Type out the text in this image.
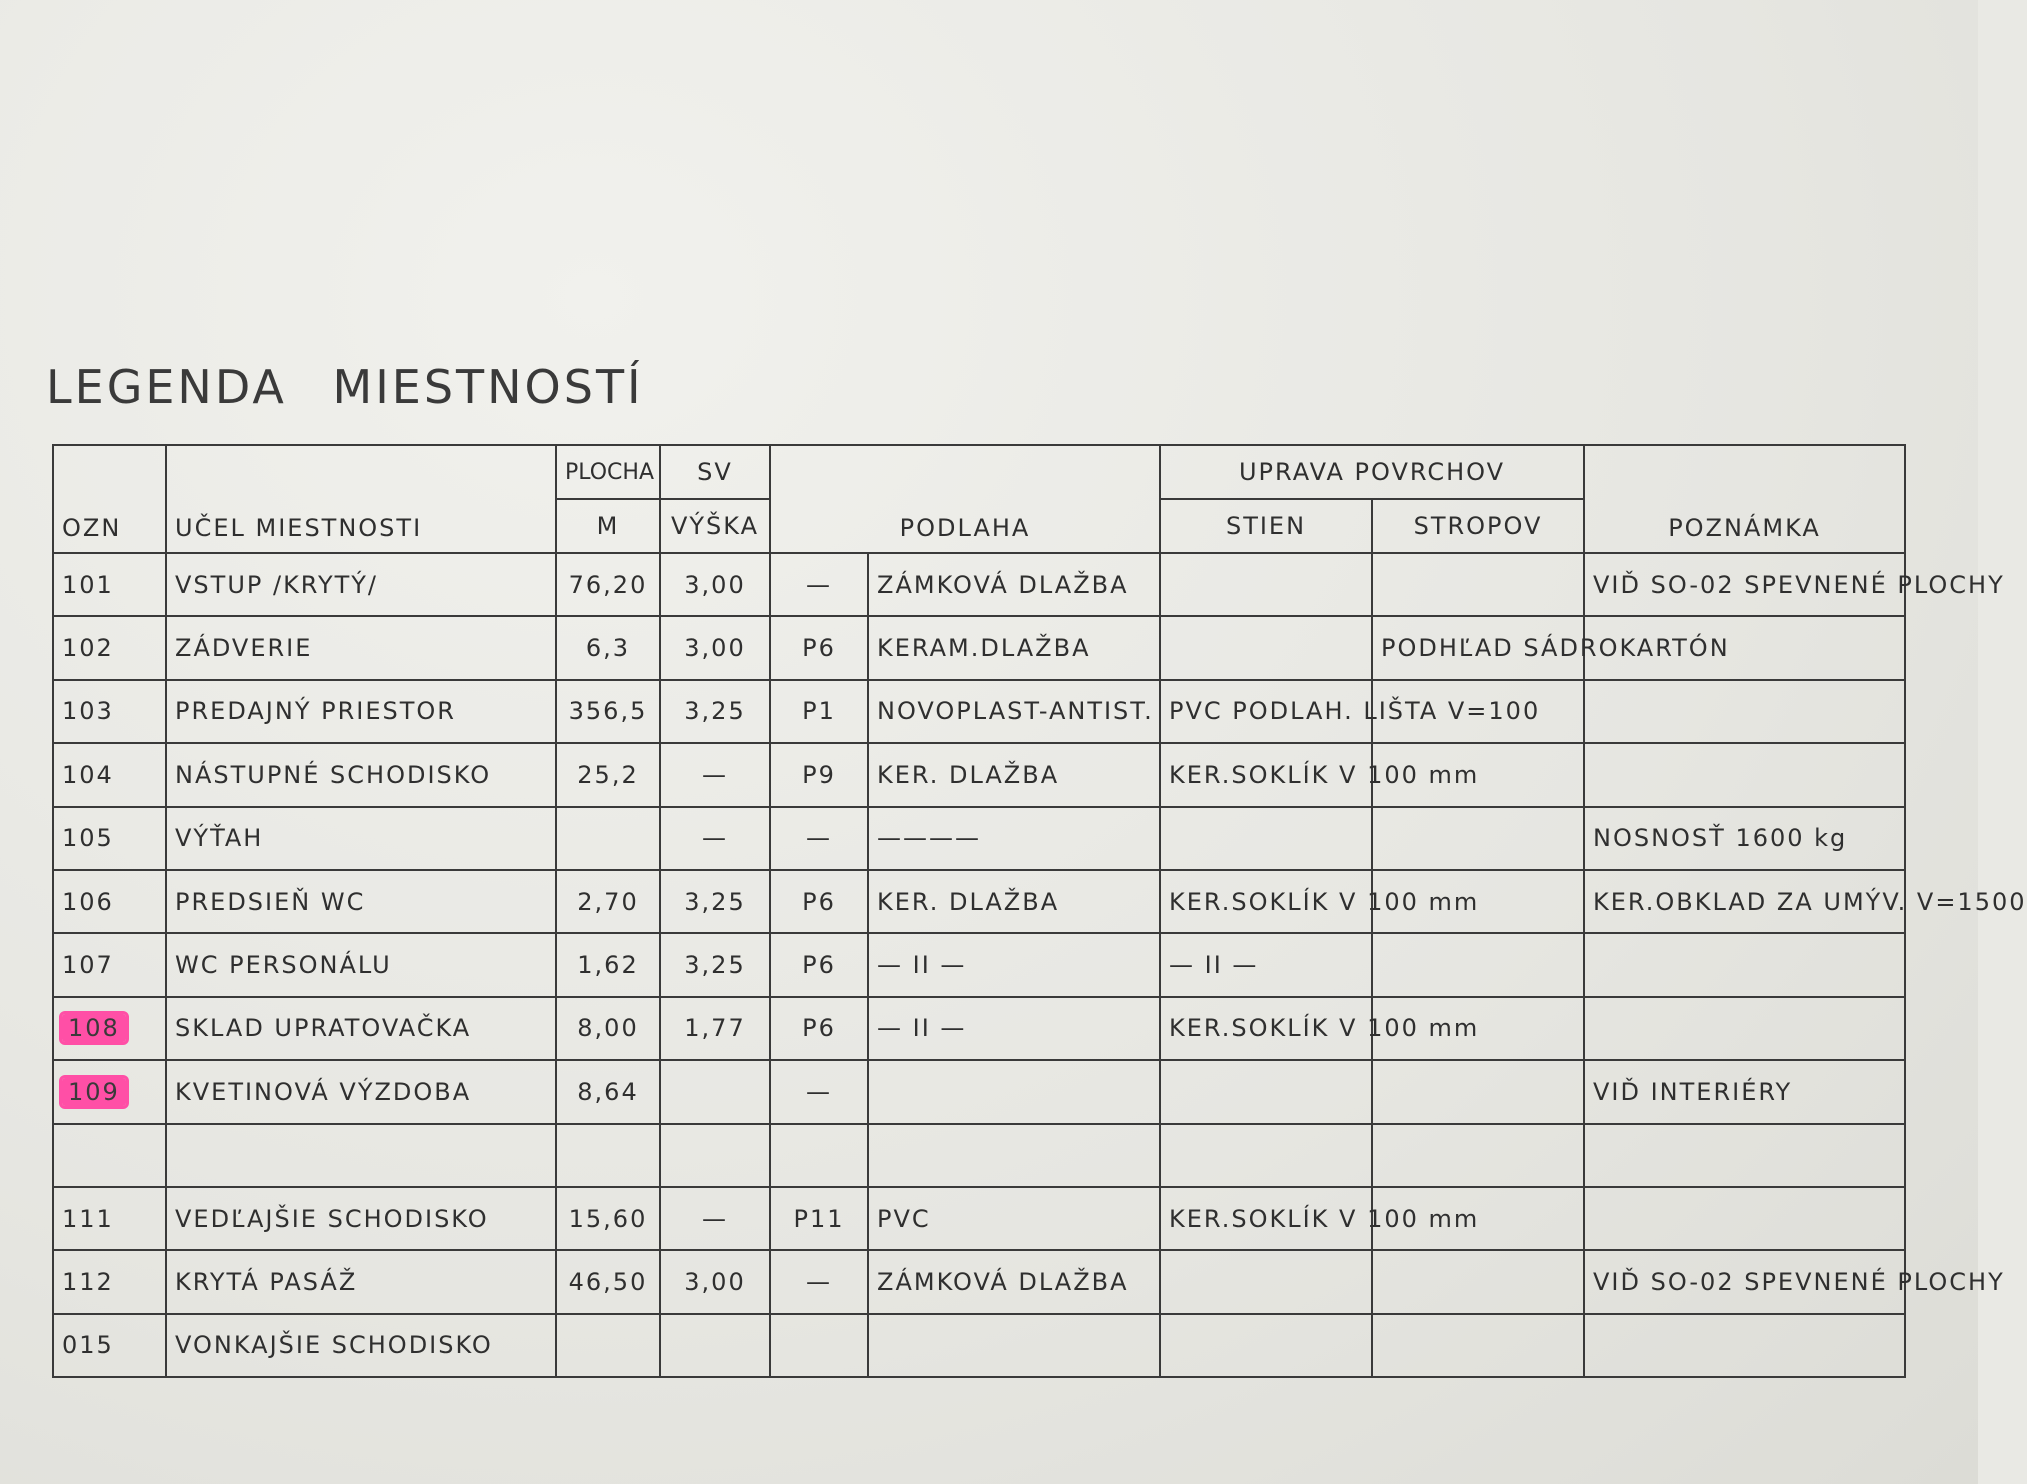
LEGENDA MIESTNOSTÍ
OZN	UČEL MIESTNOSTI	PLOCHA	SV	PODLAHA		UPRAVA POVRCHOV		POZNÁMKA
		M	VÝŠKA			STIEN	STROPOV	
101	VSTUP /KRYTÝ/	76,20	3,00	—	ZÁMKOVÁ DLAŽBA			VIĎ SO-02 SPEVNENÉ PLOCHY
102	ZÁDVERIE	6,3	3,00	P6	KERAM.DLAŽBA		PODHĽAD SÁDROKARTÓN	
103	PREDAJNÝ PRIESTOR	356,5	3,25	P1	NOVOPLAST-ANTIST.	PVC PODLAH. LIŠTA V=100		
104	NÁSTUPNÉ SCHODISKO	25,2	—	P9	KER. DLAŽBA	KER.SOKLÍK V 100 mm		
105	VÝŤAH		—	—	————			NOSNOSŤ 1600 kg
106	PREDSIEŇ WC	2,70	3,25	P6	KER. DLAŽBA	KER.SOKLÍK V 100 mm		KER.OBKLAD ZA UMÝV. V=1500
107	WC PERSONÁLU	1,62	3,25	P6	— II —	— II —		
108	SKLAD UPRATOVAČKA	8,00	1,77	P6	— II —	KER.SOKLÍK V 100 mm		
109	KVETINOVÁ VÝZDOBA	8,64		—				VIĎ INTERIÉRY

111	VEDĽAJŠIE SCHODISKO	15,60	—	P11	PVC	KER.SOKLÍK V 100 mm		
112	KRYTÁ PASÁŽ	46,50	3,00	—	ZÁMKOVÁ DLAŽBA			VIĎ SO-02 SPEVNENÉ PLOCHY
015	VONKAJŠIE SCHODISKO							
